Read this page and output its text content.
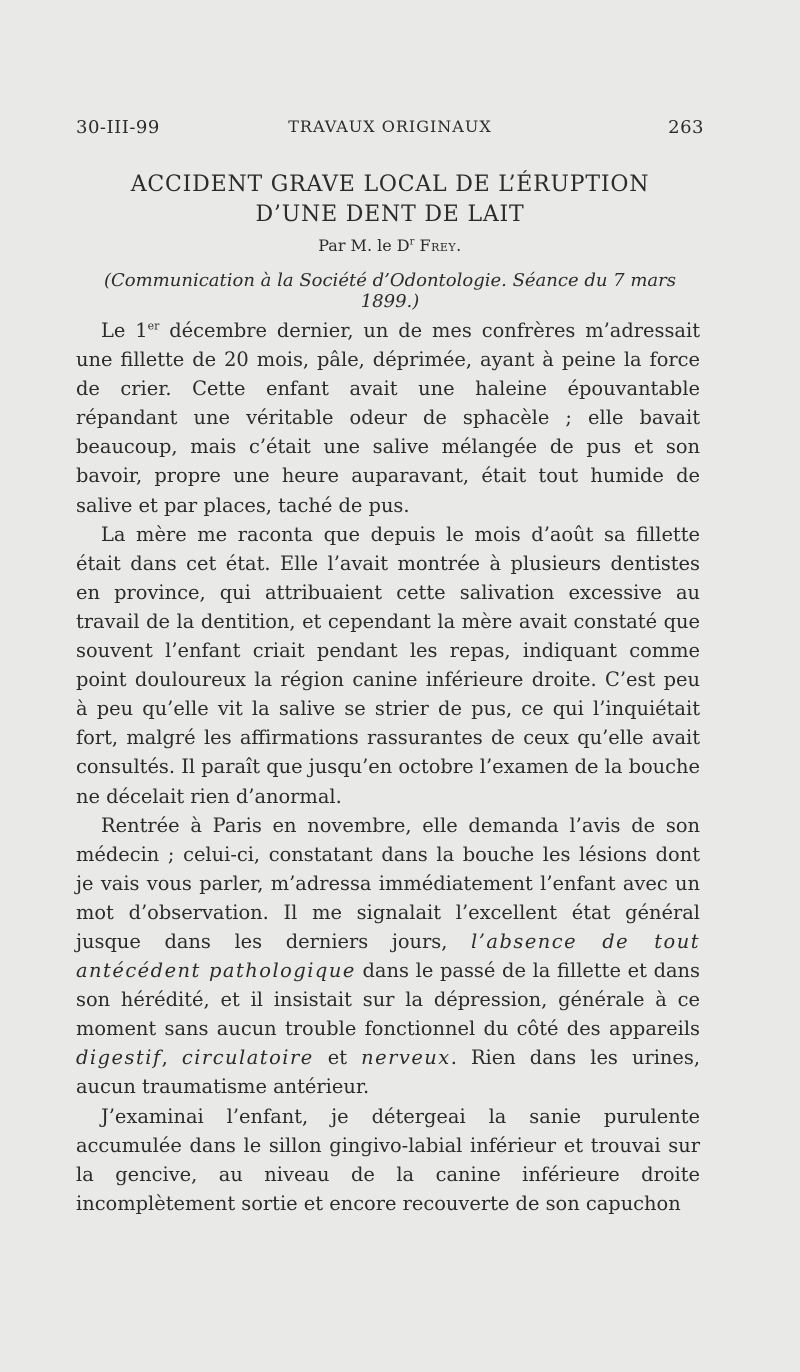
30-III-99	TRAVAUX ORIGINAUX	263
ACCIDENT GRAVE LOCAL DE L’ÉRUPTION
D’UNE DENT DE LAIT
Par M. le $D^r$ Frey.
(Communication à la Société d’Odontologie. Séance du 7 mars 1899.)

Le 1er décembre dernier, un de mes confrères m’adressait une fillette de 20 mois, pâle, déprimée, ayant à peine la force de crier. Cette enfant avait une haleine épouvantable répandant une véritable odeur de sphacèle ; elle bavait beaucoup, mais c’était une salive mélangée de pus et son bavoir, propre une heure auparavant, était tout humide de salive et par places, taché de pus.

La mère me raconta que depuis le mois d’août sa fillette était dans cet état. Elle l’avait montrée à plusieurs dentistes en province, qui attribuaient cette salivation excessive au travail de la dentition, et cependant la mère avait constaté que souvent l’enfant criait pendant les repas, indiquant comme point douloureux la région canine inférieure droite. C’est peu à peu qu’elle vit la salive se strier de pus, ce qui l’inquiétait fort, malgré les affirmations rassurantes de ceux qu’elle avait consultés. Il paraît que jusqu’en octobre l’examen de la bouche ne décelait rien d’anormal.

Rentrée à Paris en novembre, elle demanda l’avis de son médecin ; celui-ci, constatant dans la bouche les lésions dont je vais vous parler, m’adressa immédiatement l’enfant avec un mot d’observation. Il me signalait l’excellent état général jusque dans les derniers jours, l’absence de tout antécédent pathologique dans le passé de la fillette et dans son hérédité, et il insistait sur la dépression, générale à ce moment sans aucun trouble fonctionnel du côté des appareils digestif, circulatoire et nerveux. Rien dans les urines, aucun traumatisme antérieur.

J’examinai l’enfant, je détergeai la sanie purulente accumulée dans le sillon gingivo-labial inférieur et trouvai sur la gencive, au niveau de la canine inférieure droite incomplètement sortie et encore recouverte de son capuchon
